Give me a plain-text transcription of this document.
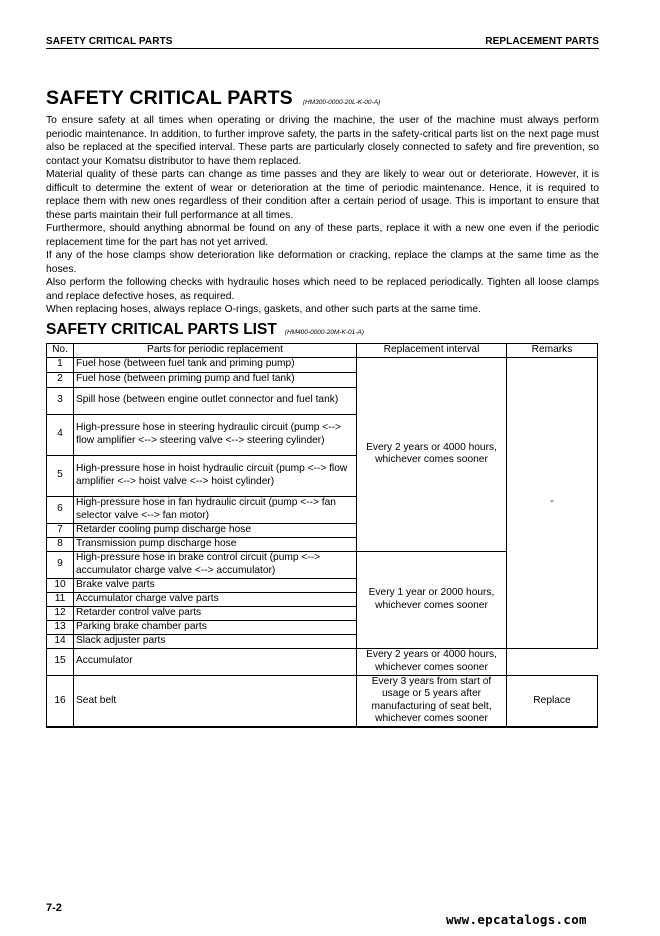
SAFETY CRITICAL PARTS	REPLACEMENT PARTS
SAFETY CRITICAL PARTS (HM300-0000-20L-K-00-A)

To ensure safety at all times when operating or driving the machine, the user of the machine must always perform periodic maintenance. In addition, to further improve safety, the parts in the safety-critical parts list on the next page must also be replaced at the specified interval. These parts are particularly closely connected to safety and fire prevention, so contact your Komatsu distributor to have them replaced.

Material quality of these parts can change as time passes and they are likely to wear out or deteriorate. However, it is difficult to determine the extent of wear or deterioration at the time of periodic maintenance. Hence, it is required to replace them with new ones regardless of their condition after a certain period of usage. This is important to ensure that these parts maintain their full performance at all times.

Furthermore, should anything abnormal be found on any of these parts, replace it with a new one even if the periodic replacement time for the part has not yet arrived.

If any of the hose clamps show deterioration like deformation or cracking, replace the clamps at the same time as the hoses.

Also perform the following checks with hydraulic hoses which need to be replaced periodically. Tighten all loose clamps and replace defective hoses, as required.

When replacing hoses, always replace O-rings, gaskets, and other such parts at the same time.

SAFETY CRITICAL PARTS LIST (HM400-0000-20M-K-01-A)
No.	Parts for periodic replacement	Replacement interval	Remarks
1	Fuel hose (between fuel tank and priming pump)	Every 2 years or 4000 hours, whichever comes sooner	-
2	Fuel hose (between priming pump and fuel tank)		
3	Spill hose (between engine outlet connector and fuel tank)		
4	High-pressure hose in steering hydraulic circuit (pump <--> flow amplifier <--> steering valve <--> steering cylinder)		
5	High-pressure hose in hoist hydraulic circuit (pump <--> flow amplifier <--> hoist valve <--> hoist cylinder)		
6	High-pressure hose in fan hydraulic circuit (pump <--> fan selector valve <--> fan motor)		
7	Retarder cooling pump discharge hose		
8	Transmission pump discharge hose		
9	High-pressure hose in brake control circuit (pump <--> accumulator charge valve <--> accumulator)	Every 1 year or 2000 hours, whichever comes sooner	
10	Brake valve parts		
11	Accumulator charge valve parts		
12	Retarder control valve parts		
13	Parking brake chamber parts		
14	Slack adjuster parts		
15	Accumulator	Every 2 years or 4000 hours, whichever comes sooner	
16	Seat belt	Every 3 years from start of usage or 5 years after manufacturing of seat belt, whichever comes sooner	Replace
7-2
www.epcatalogs.com
